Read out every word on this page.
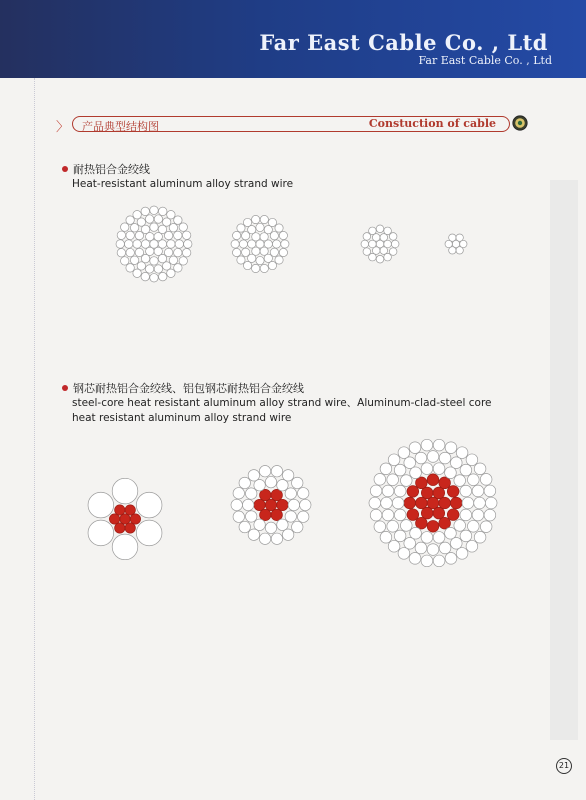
Far East Cable Co. , Ltd
Far East Cable Co. , Ltd
〉 产品典型结构图	Constuction of cable
耐热铝合金绞线
Heat-resistant aluminum alloy strand wire
钢芯耐热铝合金绞线、铝包钢芯耐热铝合金绞线
steel-core heat resistant aluminum alloy strand wire、Aluminum-clad-steel core
heat resistant aluminum alloy strand wire
21
